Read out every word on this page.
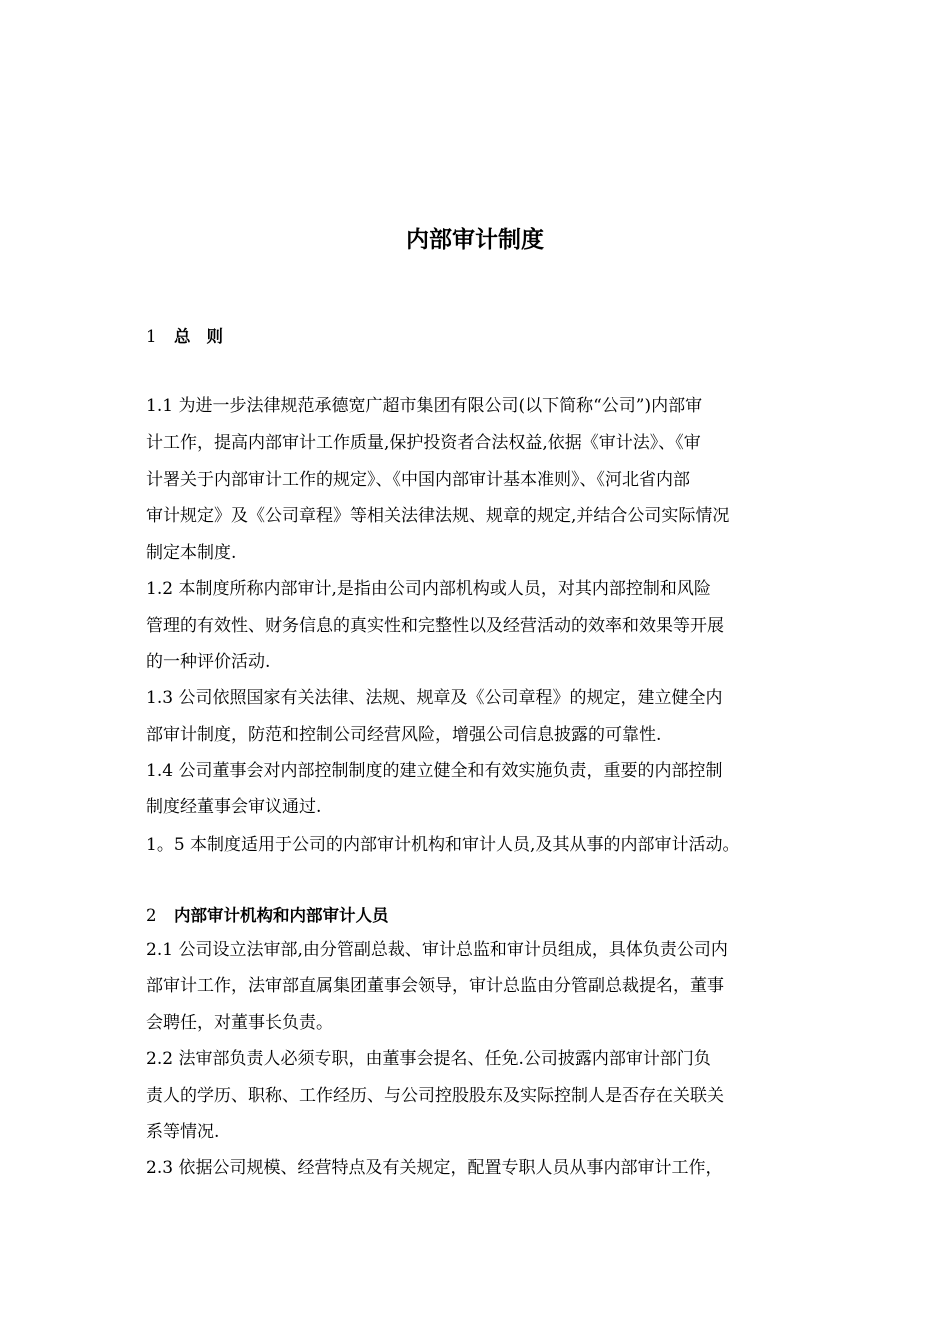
内部审计制度
1 总则

1.1 为进一步法律规范承德宽广超市集团有限公司(以下简称“公司”)内部审

计工作，提高内部审计工作质量,保护投资者合法权益,依据《审计法》、《审

计署关于内部审计工作的规定》、《中国内部审计基本准则》、《河北省内部

审计规定》及《公司章程》等相关法律法规、规章的规定,并结合公司实际情况

制定本制度.

1.2 本制度所称内部审计,是指由公司内部机构或人员，对其内部控制和风险

管理的有效性、财务信息的真实性和完整性以及经营活动的效率和效果等开展

的一种评价活动.

1.3 公司依照国家有关法律、法规、规章及《公司章程》的规定，建立健全内

部审计制度，防范和控制公司经营风险，增强公司信息披露的可靠性.

1.4 公司董事会对内部控制制度的建立健全和有效实施负责，重要的内部控制

制度经董事会审议通过.

1。5 本制度适用于公司的内部审计机构和审计人员,及其从事的内部审计活动。

2 内部审计机构和内部审计人员

2.1 公司设立法审部,由分管副总裁、审计总监和审计员组成，具体负责公司内

部审计工作，法审部直属集团董事会领导，审计总监由分管副总裁提名，董事

会聘任，对董事长负责。

2.2 法审部负责人必须专职，由董事会提名、任免.公司披露内部审计部门负

责人的学历、职称、工作经历、与公司控股股东及实际控制人是否存在关联关

系等情况.

2.3 依据公司规模、经营特点及有关规定，配置专职人员从事内部审计工作，
